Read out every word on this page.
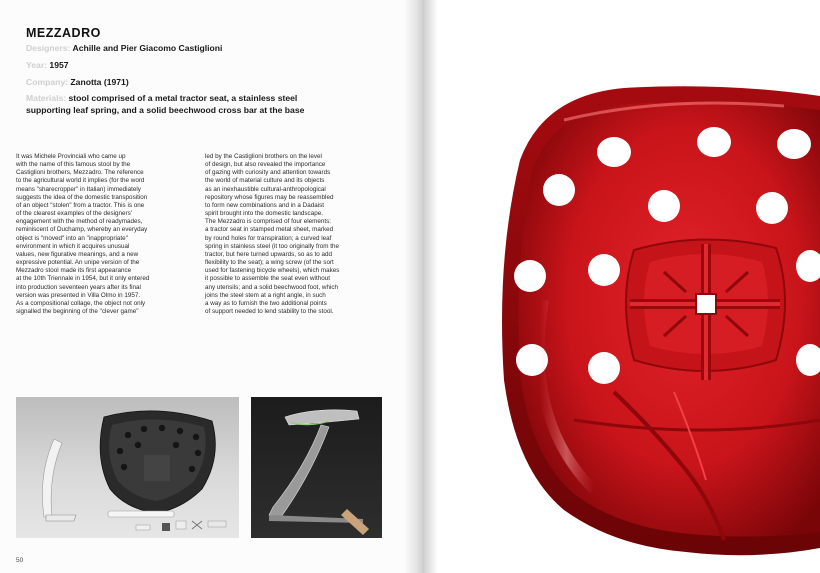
MEZZADRO
Designers: Achille and Pier Giacomo Castiglioni
Year: 1957
Company: Zanotta (1971)
Materials: stool comprised of a metal tractor seat, a stainless steel
supporting leaf spring, and a solid beechwood cross bar at the base

It was Michele Provinciali who came up

with the name of this famous stool by the

Castiglioni brothers, Mezzadro. The reference

to the agricultural world it implies (for the word

means "sharecropper" in Italian) immediately

suggests the idea of the domestic transposition

of an object "stolen" from a tractor. This is one

of the clearest examples of the designers'

engagement with the method of readymades,

reminiscent of Duchamp, whereby an everyday

object is "moved" into an "inappropriate"

environment in which it acquires unusual

values, new figurative meanings, and a new

expressive potential. An unipe version of the

Mezzadro stool made its first appearance

at the 10th Triennale in 1954, but it only entered

into production seventeen years after its final

version was presented in Villa Olmo in 1957.

As a compositional collage, the object not only

signalled the beginning of the "clever game"

led by the Castiglioni brothers on the level

of design, but also revealed the importance

of gazing with curiosity and attention towards

the world of material culture and its objects

as an inexhaustible cultural-anthropological

repository whose figures may be reassembled

to form new combinations and in a Dadaist

spirit brought into the domestic landscape.

The Mezzadro is comprised of four elements:

a tractor seat in stamped metal sheet, marked

by round holes for transpiration; a curved leaf

spring in stainless steel (it too originally from the

tractor, but here turned upwards, so as to add

flexibility to the seat); a wing screw (of the sort

used for fastening bicycle wheels), which makes

it possible to assemble the seat even without

any utensils; and a solid beechwood foot, which

joins the steel stem at a right angle, in such

a way as to furnish the two additional points

of support needed to lend stability to the stool.

50
